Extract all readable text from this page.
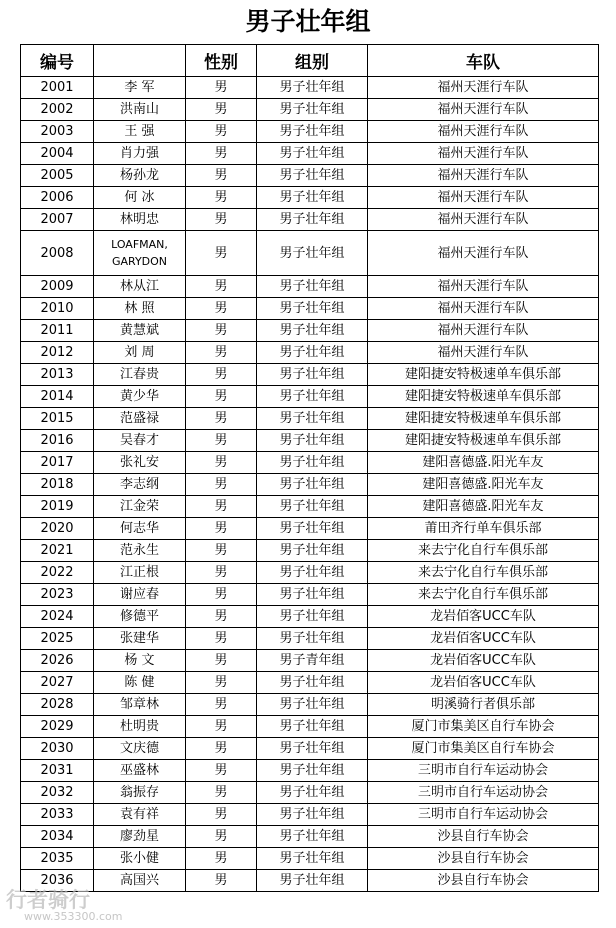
男子壮年组
编号		性别	组别	车队
2001	李 军	男	男子壮年组	福州天涯行车队
2002	洪南山	男	男子壮年组	福州天涯行车队
2003	王 强	男	男子壮年组	福州天涯行车队
2004	肖力强	男	男子壮年组	福州天涯行车队
2005	杨孙龙	男	男子壮年组	福州天涯行车队
2006	何 冰	男	男子壮年组	福州天涯行车队
2007	林明忠	男	男子壮年组	福州天涯行车队
2008	LOAFMAN, GARYDON	男	男子壮年组	福州天涯行车队
2009	林从江	男	男子壮年组	福州天涯行车队
2010	林 照	男	男子壮年组	福州天涯行车队
2011	黄慧斌	男	男子壮年组	福州天涯行车队
2012	刘 周	男	男子壮年组	福州天涯行车队
2013	江春贵	男	男子壮年组	建阳捷安特极速单车俱乐部
2014	黄少华	男	男子壮年组	建阳捷安特极速单车俱乐部
2015	范盛禄	男	男子壮年组	建阳捷安特极速单车俱乐部
2016	吴春才	男	男子壮年组	建阳捷安特极速单车俱乐部
2017	张礼安	男	男子壮年组	建阳喜德盛.阳光车友
2018	李志纲	男	男子壮年组	建阳喜德盛.阳光车友
2019	江金荣	男	男子壮年组	建阳喜德盛.阳光车友
2020	何志华	男	男子壮年组	莆田齐行单车俱乐部
2021	范永生	男	男子壮年组	来去宁化自行车俱乐部
2022	江正根	男	男子壮年组	来去宁化自行车俱乐部
2023	谢应春	男	男子壮年组	来去宁化自行车俱乐部
2024	修德平	男	男子壮年组	龙岩佰客UCC车队
2025	张建华	男	男子壮年组	龙岩佰客UCC车队
2026	杨 文	男	男子青年组	龙岩佰客UCC车队
2027	陈 健	男	男子壮年组	龙岩佰客UCC车队
2028	邹章林	男	男子壮年组	明溪骑行者俱乐部
2029	杜明贵	男	男子壮年组	厦门市集美区自行车协会
2030	文庆德	男	男子壮年组	厦门市集美区自行车协会
2031	巫盛林	男	男子壮年组	三明市自行车运动协会
2032	翁振存	男	男子壮年组	三明市自行车运动协会
2033	袁有祥	男	男子壮年组	三明市自行车运动协会
2034	廖劲星	男	男子壮年组	沙县自行车协会
2035	张小健	男	男子壮年组	沙县自行车协会
2036	高国兴	男	男子壮年组	沙县自行车协会
行者骑行
www.353300.com
